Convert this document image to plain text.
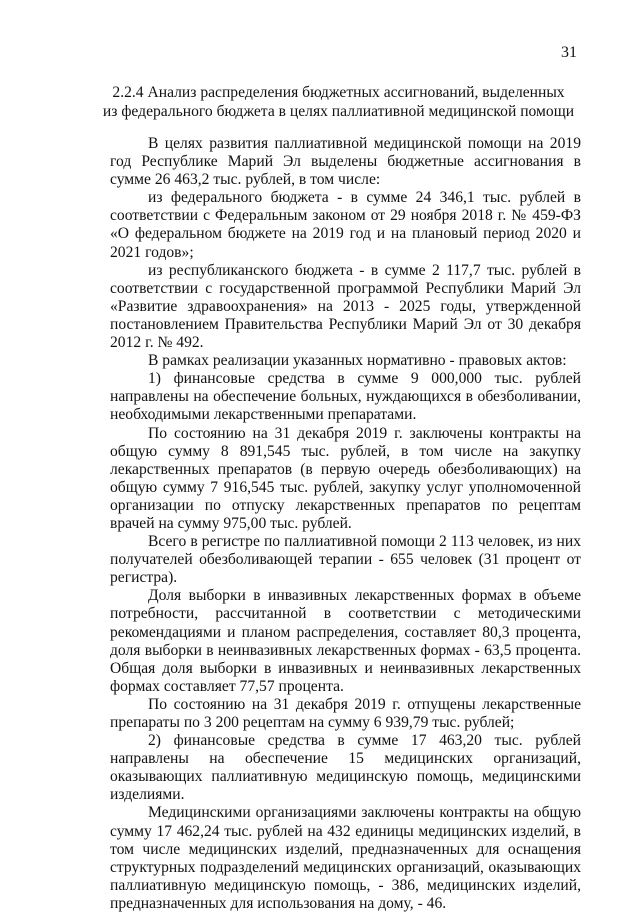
31
2.2.4 Анализ распределения бюджетных ассигнований, выделенных
из федерального бюджета в целях паллиативной медицинской помощи

В целях развития паллиативной медицинской помощи на 2019 год Республике Марий Эл выделены бюджетные ассигнования в сумме 26 463,2 тыс. рублей, в том числе:

из федерального бюджета - в сумме 24 346,1 тыс. рублей в соответствии с Федеральным законом от 29 ноября 2018 г. № 459-ФЗ «О федеральном бюджете на 2019 год и на плановый период 2020 и 2021 годов»;

из республиканского бюджета - в сумме 2 117,7 тыс. рублей в соответствии с государственной программой Республики Марий Эл «Развитие здравоохранения» на 2013 - 2025 годы, утвержденной постановлением Правительства Республики Марий Эл от 30 декабря 2012 г. № 492.

В рамках реализации указанных нормативно - правовых актов:

1) финансовые средства в сумме 9 000,000 тыс. рублей направлены на обеспечение больных, нуждающихся в обезболивании, необходимыми лекарственными препаратами.

По состоянию на 31 декабря 2019 г. заключены контракты на общую сумму 8 891,545 тыс. рублей, в том числе на закупку лекарственных препаратов (в первую очередь обезболивающих) на общую сумму 7 916,545 тыс. рублей, закупку услуг уполномоченной организации по отпуску лекарственных препаратов по рецептам врачей на сумму 975,00 тыс. рублей.

Всего в регистре по паллиативной помощи 2 113 человек, из них получателей обезболивающей терапии - 655 человек (31 процент от регистра).

Доля выборки в инвазивных лекарственных формах в объеме потребности, рассчитанной в соответствии с методическими рекомендациями и планом распределения, составляет 80,3 процента, доля выборки в неинвазивных лекарственных формах - 63,5 процента. Общая доля выборки в инвазивных и неинвазивных лекарственных формах составляет 77,57 процента.

По состоянию на 31 декабря 2019 г. отпущены лекарственные препараты по 3 200 рецептам на сумму 6 939,79 тыс. рублей;

2) финансовые средства в сумме 17 463,20 тыс. рублей направлены на обеспечение 15 медицинских организаций, оказывающих паллиативную медицинскую помощь, медицинскими изделиями.

Медицинскими организациями заключены контракты на общую сумму 17 462,24 тыс. рублей на 432 единицы медицинских изделий, в том числе медицинских изделий, предназначенных для оснащения структурных подразделений медицинских организаций, оказывающих паллиативную медицинскую помощь, - 386, медицинских изделий, предназначенных для использования на дому, - 46.
